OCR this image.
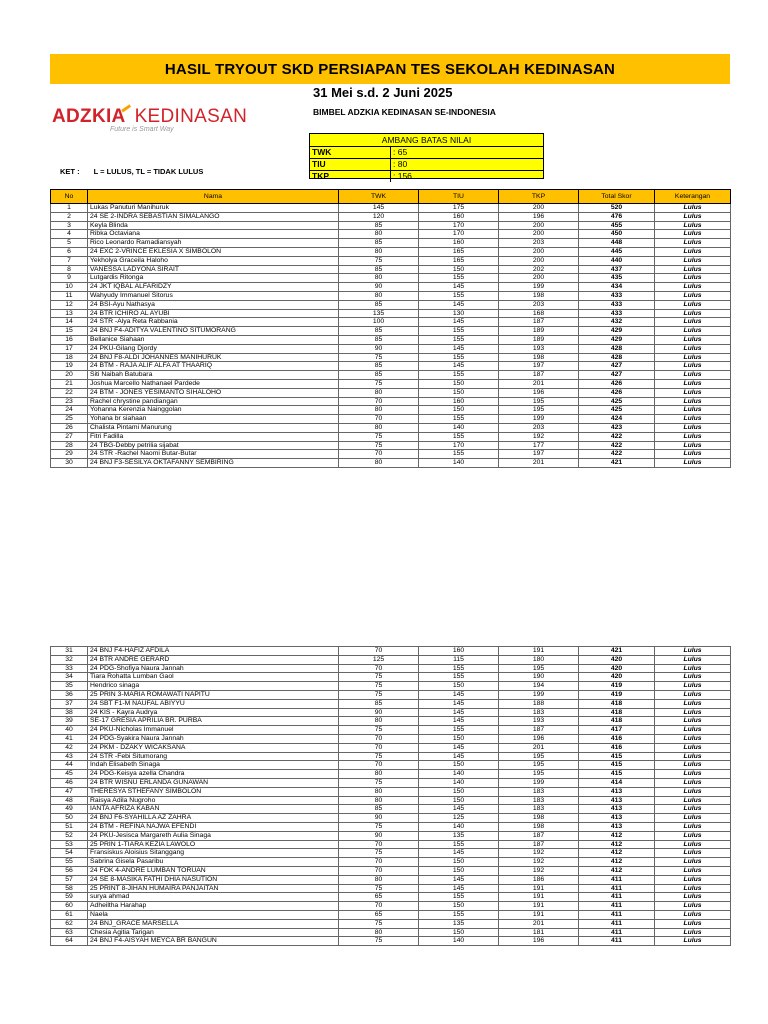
HASIL TRYOUT SKD PERSIAPAN TES SEKOLAH KEDINASAN
ADZKIA KEDINASAN
Future is Smart Way
31 Mei s.d. 2 Juni 2025
BIMBEL ADZKIA KEDINASAN SE-INDONESIA
KET : L = LULUS, TL = TIDAK LULUS
AMBANG BATAS NILAI
TWK	: 65
TIU	: 80
TKP	: 156
No	Nama	TWK	TIU	TKP	Total Skor	Keterangan
1	Lukas Panuturi Manihuruk	145	175	200	520	Lulus
2	24 SE 2-INDRA SEBASTIAN SIMALANGO	120	160	196	476	Lulus
3	Keyla Blinda	85	170	200	455	Lulus
4	Ribka Octaviana	80	170	200	450	Lulus
5	Rico Leonardo Ramadiansyah	85	160	203	448	Lulus
6	24 EXC 2-VRINCE EKLESIA X SIMBOLON	80	165	200	445	Lulus
7	Yekholya Graceila Haloho	75	165	200	440	Lulus
8	VANESSA LADYONA SIRAIT	85	150	202	437	Lulus
9	Lutgardis Ritonga	80	155	200	435	Lulus
10	24 JKT IQBAL ALFARIDZY	90	145	199	434	Lulus
11	Wahyudy Immanuel Sitorus	80	155	198	433	Lulus
12	24 BSI-Ayu Nathasya	85	145	203	433	Lulus
13	24 BTR ICHIRO AL AYUBI	135	130	168	433	Lulus
14	24 STR -Alya Reta Rabbania	100	145	187	432	Lulus
15	24 BNJ F4-ADITYA VALENTINO SITUMORANG	85	155	189	429	Lulus
16	Bellanice Siahaan	85	155	189	429	Lulus
17	24 PKU-Gilang Djordy	90	145	193	428	Lulus
18	24 BNJ F8-ALDI JOHANNES MANIHURUK	75	155	198	428	Lulus
19	24 BTM - RAJA ALIF ALFA AT THAARIQ	85	145	197	427	Lulus
20	Siti Naibah Batubara	85	155	187	427	Lulus
21	Joshua Marcello Nathanael Pardede	75	150	201	426	Lulus
22	24 BTM - JONES YESIMANTO SIHALOHO	80	150	196	426	Lulus
23	Rachel chrystine pandiangan	70	160	195	425	Lulus
24	Yohanna Kerenzia Nainggolan	80	150	195	425	Lulus
25	Yohana br siahaan	70	155	199	424	Lulus
26	Chalista Pintami Manurung	80	140	203	423	Lulus
27	Fitri Fadilla	75	155	192	422	Lulus
28	24 TBG-Debby petrilia sijabat	75	170	177	422	Lulus
29	24 STR -Rachel Naomi Butar-Butar	70	155	197	422	Lulus
30	24 BNJ F3-SESILYA OKTAFANNY SEMBIRING	80	140	201	421	Lulus
31	24 BNJ F4-HAFIZ AFDILA	70	160	191	421	Lulus
32	24 BTR ANDRE GERARD	125	115	180	420	Lulus
33	24 PDG-Shofiya Naura Jannah	70	155	195	420	Lulus
34	Tiara Rohatta Lumban Gaol	75	155	190	420	Lulus
35	Hendrico sinaga	75	150	194	419	Lulus
36	25 PRIN 3-MARIA ROMAWATI NAPITU	75	145	199	419	Lulus
37	24 SBT F1-M NAUFAL ABIYYU	85	145	188	418	Lulus
38	24 KIS - Kayra Audrya	90	145	183	418	Lulus
39	SE-17 GRESIA APRILIA BR. PURBA	80	145	193	418	Lulus
40	24 PKU-Nicholas Immanuel	75	155	187	417	Lulus
41	24 PDG-Syakira Naura Jannah	70	150	196	416	Lulus
42	24 PKM - DZAKY WICAKSANA	70	145	201	416	Lulus
43	24 STR -Febi Situmorang	75	145	195	415	Lulus
44	Indah Elisabeth Sinaga	70	150	195	415	Lulus
45	24 PDG-Keisya azella Chandra	80	140	195	415	Lulus
46	24 BTR WISNU ERLANDA GUNAWAN	75	140	199	414	Lulus
47	THERESYA STHEFANY SIMBOLON	80	150	183	413	Lulus
48	Raisya Adila Nugroho	80	150	183	413	Lulus
49	IANTA AFRIZA KABAN	85	145	183	413	Lulus
50	24 BNJ F6-SYAHILLA AZ ZAHRA	90	125	198	413	Lulus
51	24 BTM - REFINA NAJWA EFENDI	75	140	198	413	Lulus
52	24 PKU-Jesisca Margareth Aulia Sinaga	90	135	187	412	Lulus
53	25 PRIN 1-TIARA KEZIA LAWOLO	70	155	187	412	Lulus
54	Fransiskus Aloisius Sitanggang	75	145	192	412	Lulus
55	Sabrina Gisela Pasaribu	70	150	192	412	Lulus
56	24 FOK 4-ANDRE LUMBAN TORUAN	70	150	192	412	Lulus
57	24 SE 8-MASIKA FATHI DHIA NASUTION	80	145	186	411	Lulus
58	25 PRINT 8-JIHAN HUMAIRA PANJAITAN	75	145	191	411	Lulus
59	surya ahmad	65	155	191	411	Lulus
60	Adheiltha Harahap	70	150	191	411	Lulus
61	Naela	65	155	191	411	Lulus
62	24 BNJ_GRACE MARSELLA	75	135	201	411	Lulus
63	Chesia Agitia Tarigan	80	150	181	411	Lulus
64	24 BNJ F4-AISYAH MEYCA BR BANGUN	75	140	196	411	Lulus
